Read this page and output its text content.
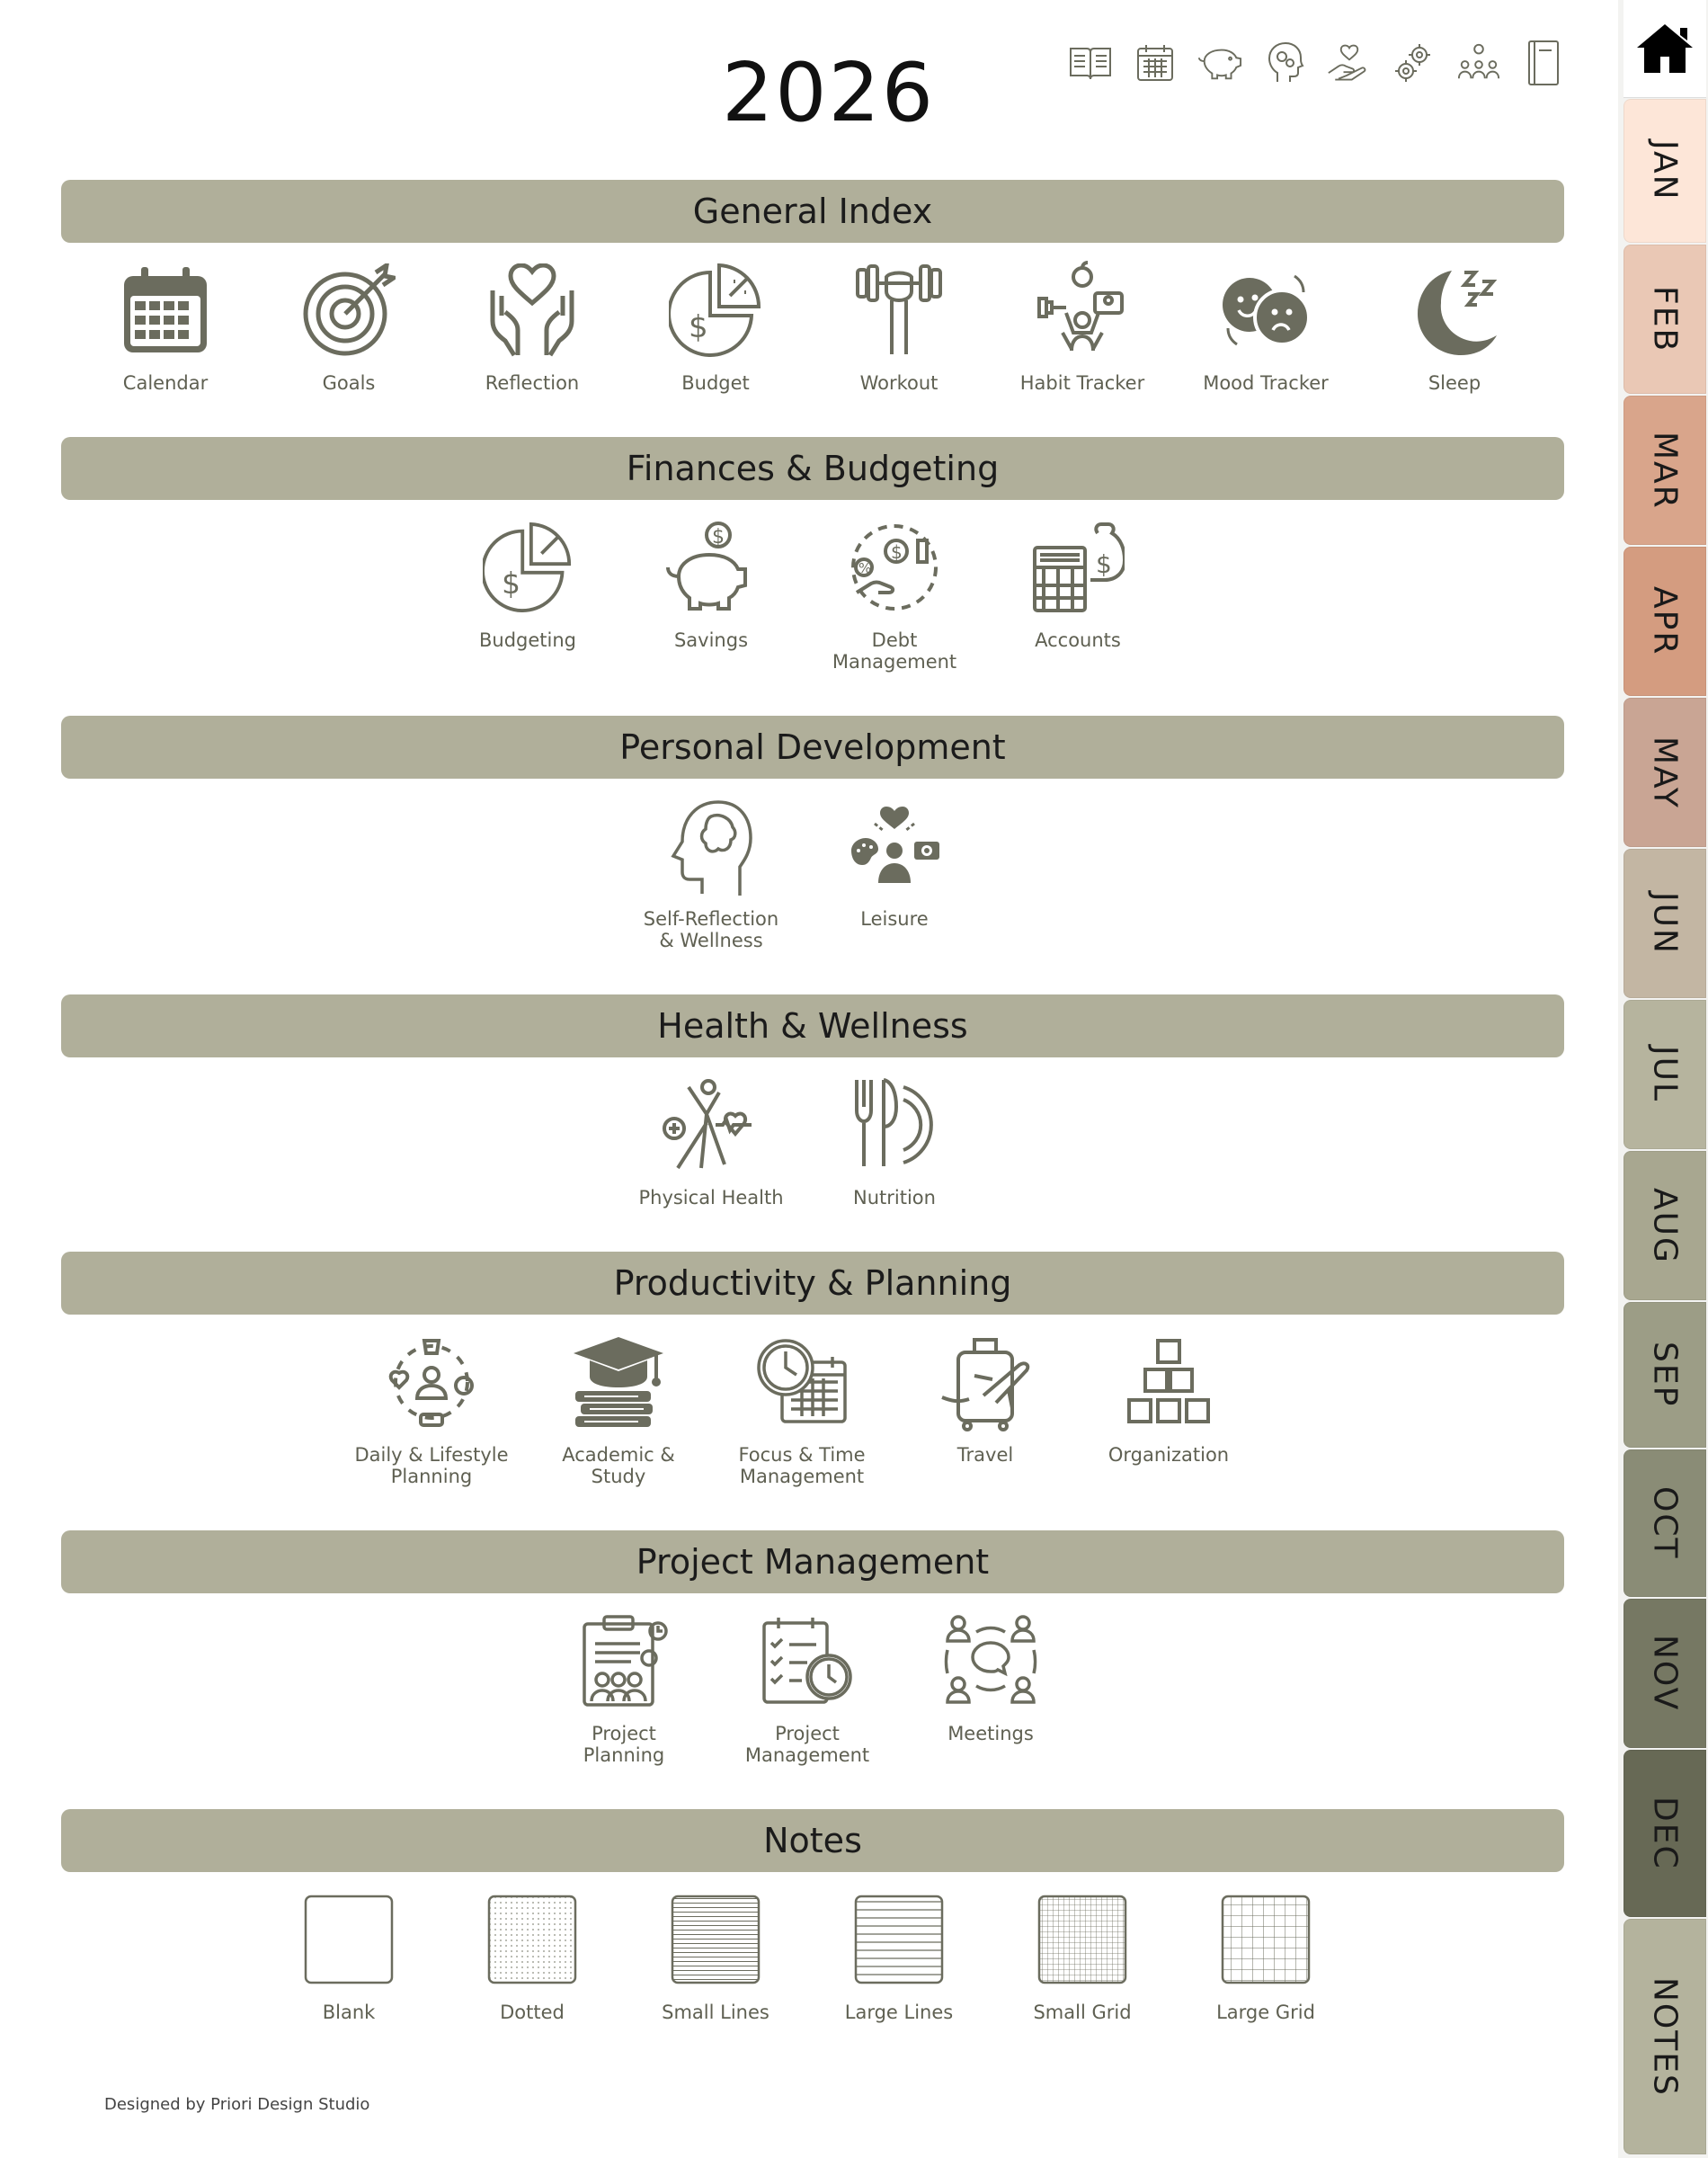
2026
General Index
Calendar	Goals	Reflection
$
Budget	Workout	Habit Tracker	Mood Tracker	Sleep
Finances & Budgeting
$
Budgeting
$
Savings
$
%
Debt
Management
$
Accounts
Personal Development
Self-Reflection
& Wellness
Leisure
Health & Wellness
Physical Health	Nutrition
Productivity & Planning
Daily & Lifestyle
Planning
Academic &
Study
Focus & Time
Management
Travel	Organization
Project Management
Project
Planning
Project
Management
Meetings
Notes
Blank	Dotted	Small Lines	Large Lines	Small Grid	Large Grid
Designed by Priori Design Studio
JAN
FEB
MAR
APR
MAY
JUN
JUL
AUG
SEP
OCT
NOV
DEC
NOTES
